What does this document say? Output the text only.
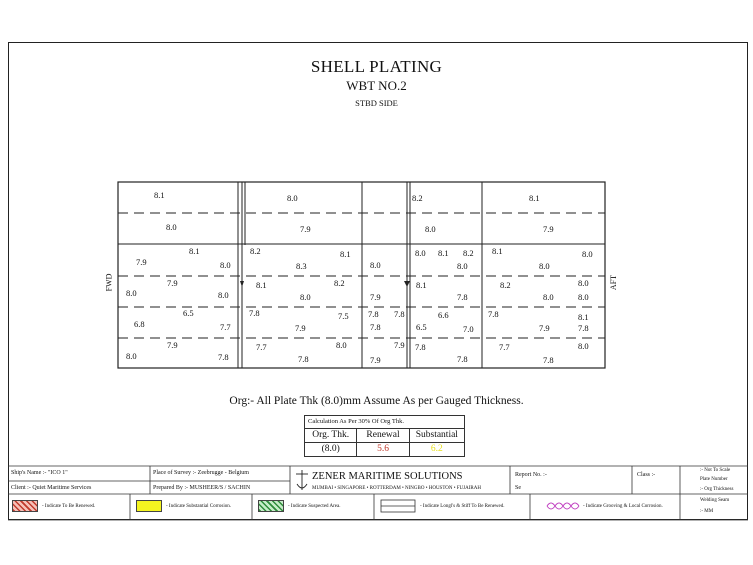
SHELL PLATING
WBT NO.2
STBD SIDE
FWD	AFT
8.1	8.0	8.2	8.1
8.0	7.9	8.0	7.9
8.1	8.2	8.1	8.0 8.1 8.2 8.1	8.0
7.9	8.0	8.3	8.0	8.0	8.0
7.9	8.1	8.2	8.1	8.2	8.0
8.0	8.0	8.0	7.9	7.8	8.0	8.0
6.5	7.8	7.5	7.8	6.6	7.8	8.1
6.8	7.7	7.9	7.8	6.5	7.0	7.9	7.8
7.9	7.7	8.0	7.8	7.7	8.0
8.0	7.8	7.8	7.9
7.9
7.8	7.8
7.8
Org:- All Plate Thk (8.0)mm Assume As per Gauged Thickness.
Calculation As Per 30% Of Org Thk.
Org. Thk.	Renewal	Substantial
(8.0)	5.6	6.2
Ship's Name :- "ICO 1"
Client :- Quiet Maritime Services
Place of Survey :- Zeebrugge - Belgium
Prepared By :- MUSHEER/S / SACHIN
ZENER MARITIME SOLUTIONS
MUMBAI • SINGAPORE • ROTTERDAM • NINGBO • HOUSTON • FUJAIRAH
Report No. :-
Se
Class :-
:- Not To Scale
Plate Number
:- Org Thickness
Welding Seam
:- MM
- Indicate To Be Renewed.	- Indicate Substantial Corrosion.	- Indicate Suspected Area.	- Indicate Longl's & Stiff To Be Renewed.	- Indicate Grooving & Local Corrosion.
